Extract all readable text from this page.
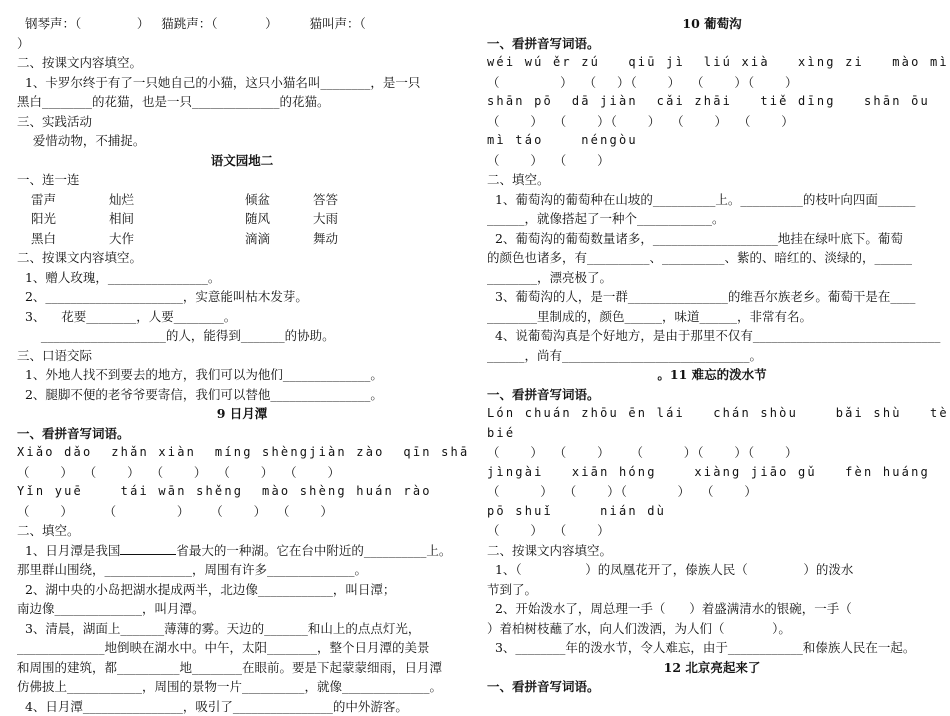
钢琴声：（              ）   猫跳声：（            ）        猫叫声：（
）
二、按课文内容填空。
1、卡罗尔终于有了一只她自己的小猫，这只小猫名叫________，是一只
黑白________的花猫，也是一只______________的花猫。
三、实践活动
爱惜动物，不捕捉。
语文园地二
一、连一连
雷声	灿烂	倾盆	答答
阳光	相间	随风	大雨
黑白	大作	滴滴	舞动
二、按课文内容填空。
1、赠人玫瑰，________________。
2、______________________，实意能叫枯木发芽。
3、    花要________，人要________。
____________________的人，能得到_______的协助。
三、口语交际
1、外地人找不到要去的地方，我们可以为他们______________。
2、腿脚不便的老爷爷要寄信，我们可以替他________________。
9 日月潭
一、看拼音写词语。
Xiǎo dǎo  zhǎn xiàn  míng shèngjiàn zào  qīn shā
（      ）  （      ）  （      ）  （      ）  （      ）
Yǐn yuē    tái wān shěng  mào shèng huán rào
（      ）      （            ）    （      ）  （      ）
二、填空。
1、日月潭是我国	省最大的一种湖。它在台中附近的__________上。
那里群山围绕，______________，周围有许多______________。
2、湖中央的小岛把湖水提成两半，北边像____________，叫日潭；
南边像______________，叫月潭。
3、清晨，湖面上_______薄薄的雾。天边的_______和山上的点点灯光，
______________地倒映在湖水中。中午，太阳________，整个日月潭的美景
和周围的建筑，都__________地________在眼前。要是下起蒙蒙细雨，日月潭
仿佛披上____________，周围的景物一片__________，就像______________。
4、日月潭________________，吸引了________________的中外游客。
10 葡萄沟
一、看拼音写词语。
wéi wú ěr zú   qiū jì  liú xià   xìng zi   mào mì
（            ）  （    ）（      ）  （      ）（      ）
shān pō  dā jiàn  cǎi zhāi   tiě dīng   shān ōu
（      ）  （      ）（      ）  （      ）  （      ）
mì táo    néngòu
（      ）  （      ）
二、填空。
1、葡萄沟的葡萄种在山坡的__________上。__________的枝叶向四面______
______，就像搭起了一种个____________。
2、葡萄沟的葡萄数量诸多，____________________地挂在绿叶底下。葡萄
的颜色也诸多，有__________、__________、紫的、暗红的、淡绿的，______
________，漂亮极了。
3、葡萄沟的人，是一群________________的维吾尔族老乡。葡萄干是在____
________里制成的，颜色______，味道______，非常有名。
4、说葡萄沟真是个好地方，是由于那里不仅有______________________________
______，尚有______________________________。
。11 难忘的泼水节
一、看拼音写词语。
Lón chuán zhōu ēn lái   chán shòu    bǎi shù   tè
bié
（      ）  （      ）    （        ）（      ）（      ）
jìngài   xiān hóng    xiàng jiāo gǔ   fèn huáng
（        ）  （      ）（          ）  （      ）
pō shuǐ     nián dù
（      ）  （      ）
二、按课文内容填空。
1、（                ）的凤凰花开了，傣族人民（              ）的泼水
节到了。
2、开始泼水了，周总理一手（      ）着盛满清水的银碗，一手（
）着柏树枝蘸了水，向人们泼洒，为人们（            ）。
3、________年的泼水节，令人难忘，由于____________和傣族人民在一起。
12 北京亮起来了
一、看拼音写词语。
